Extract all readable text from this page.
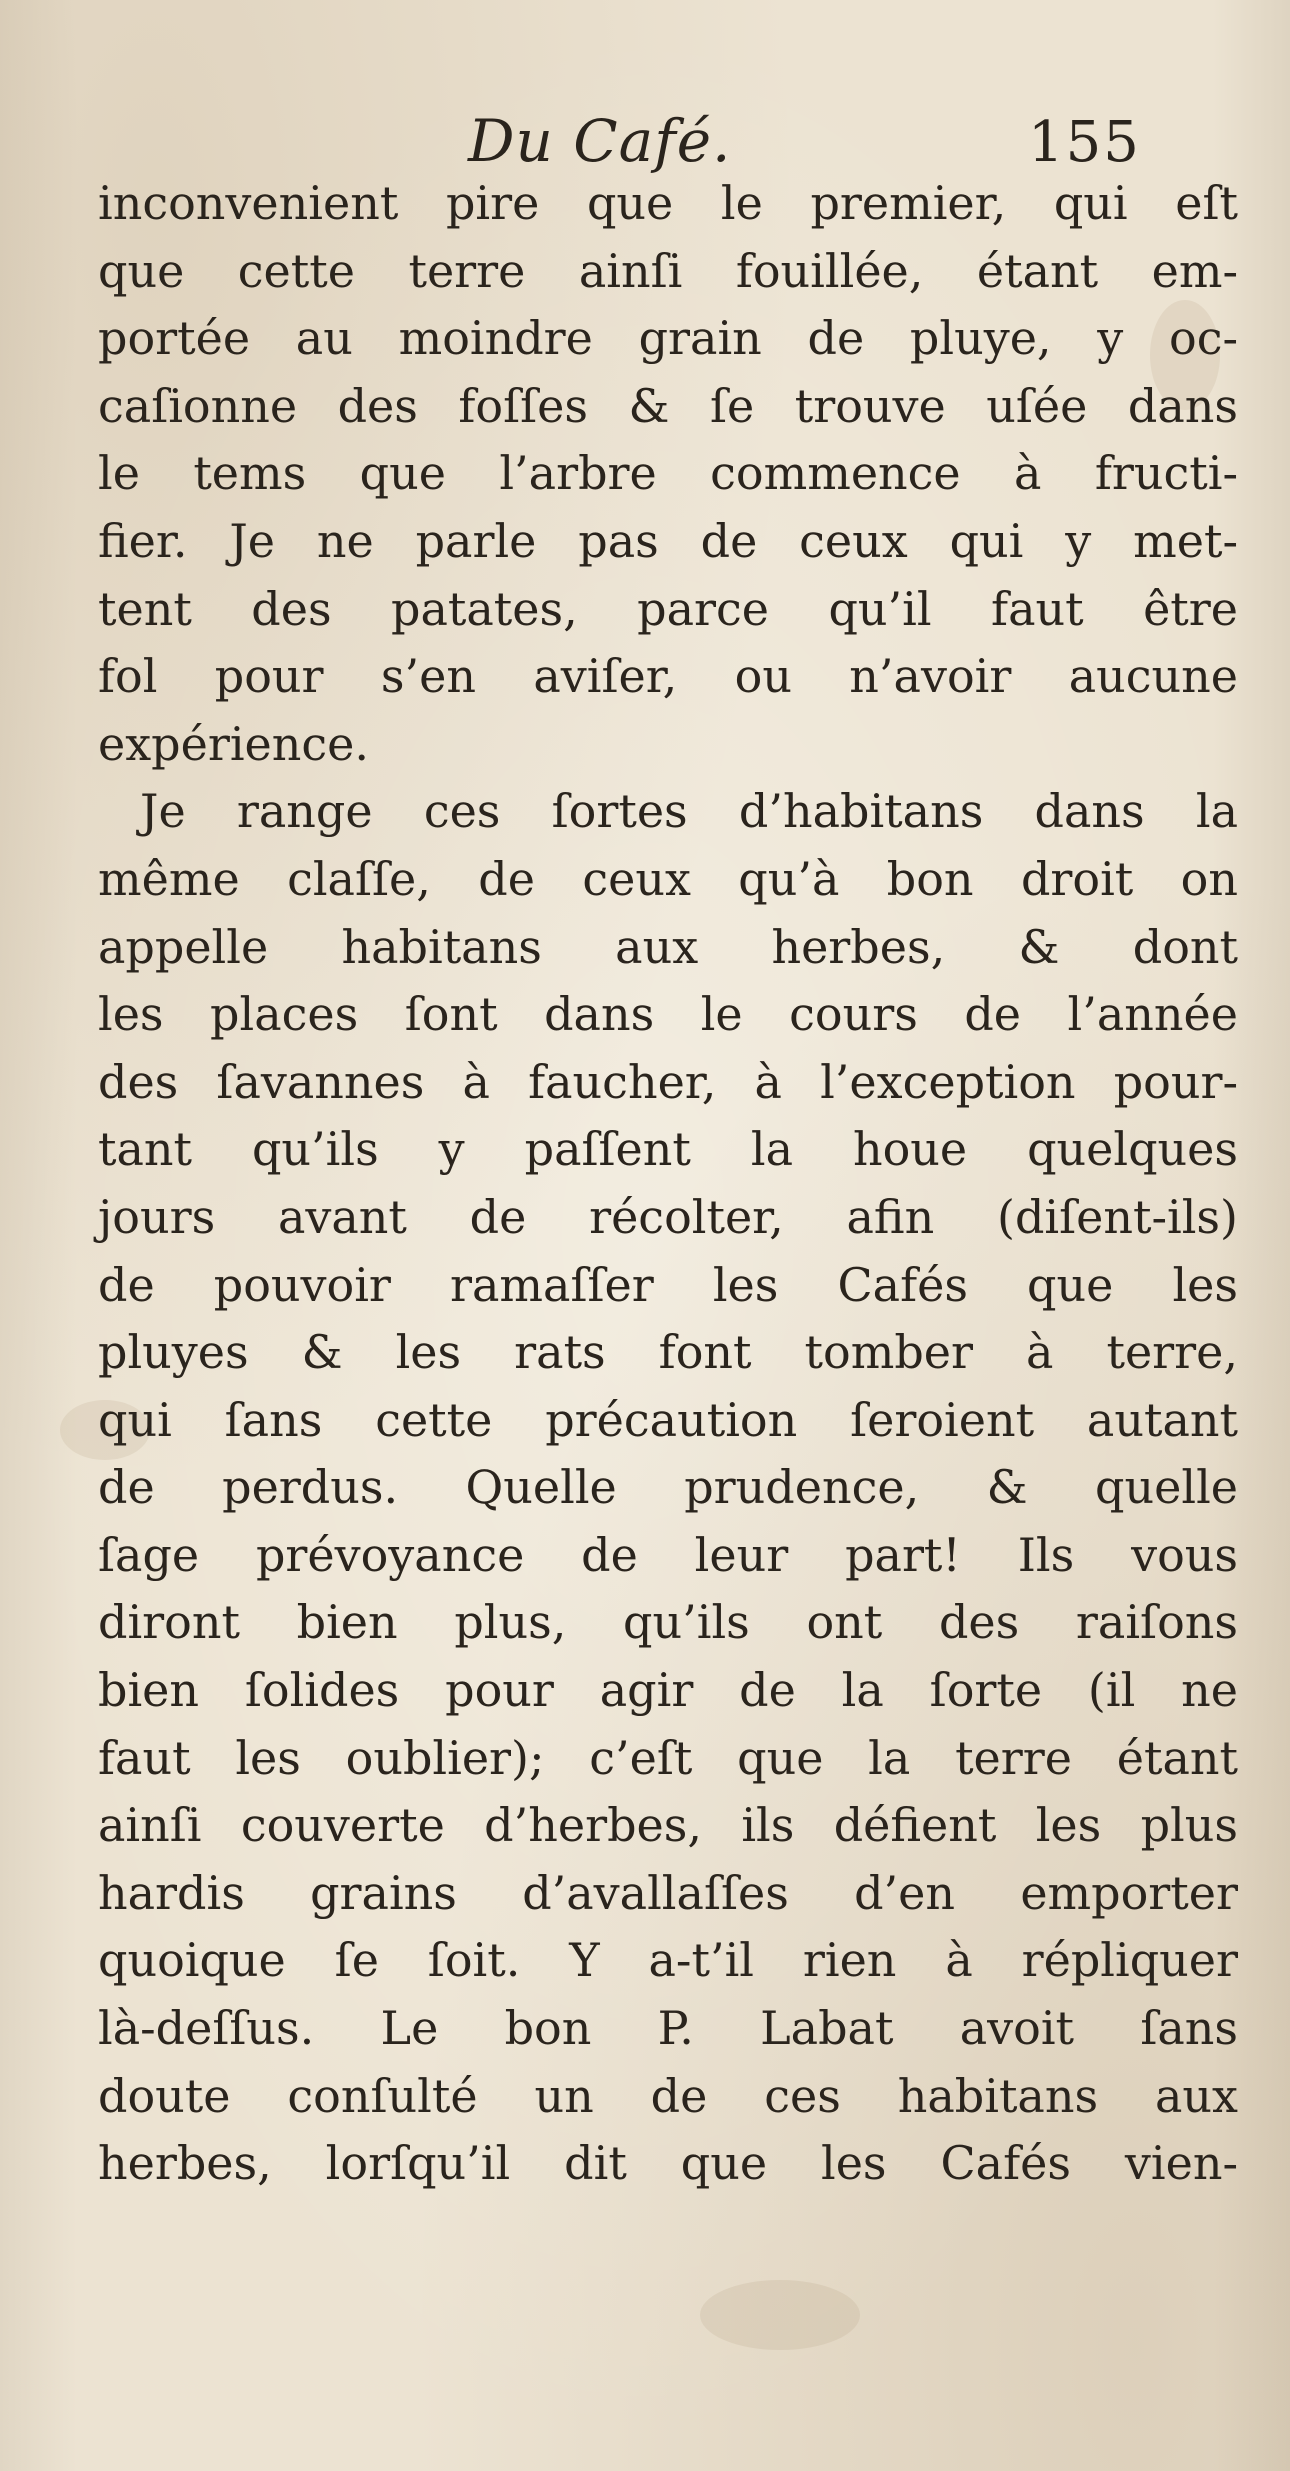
Du Café.	155
inconvenient pire que le premier, qui eſt
que cette terre ainſi fouillée, étant em-
portée au moindre grain de pluye, y oc-
caſionne des foſſes & ſe trouve uſée dans
le tems que l’arbre commence à fructi-
fier. Je ne parle pas de ceux qui y met-
tent des patates, parce qu’il faut être
fol pour s’en aviſer, ou n’avoir aucune
expérience.
Je range ces ſortes d’habitans dans la
même claſſe, de ceux qu’à bon droit on
appelle habitans aux herbes, & dont
les places ſont dans le cours de l’année
des ſavannes à faucher, à l’exception pour-
tant qu’ils y paſſent la houe quelques
jours avant de récolter, afin (diſent-ils)
de pouvoir ramaſſer les Cafés que les
pluyes & les rats font tomber à terre,
qui ſans cette précaution ſeroient autant
de perdus. Quelle prudence, & quelle
ſage prévoyance de leur part! Ils vous
diront bien plus, qu’ils ont des raiſons
bien ſolides pour agir de la ſorte (il ne
faut les oublier); c’eſt que la terre étant
ainſi couverte d’herbes, ils défient les plus
hardis grains d’avallaſſes d’en emporter
quoique ſe ſoit. Y a-t’il rien à répliquer
là-deſſus. Le bon P. Labat avoit ſans
doute conſulté un de ces habitans aux
herbes, lorſqu’il dit que les Cafés vien-
